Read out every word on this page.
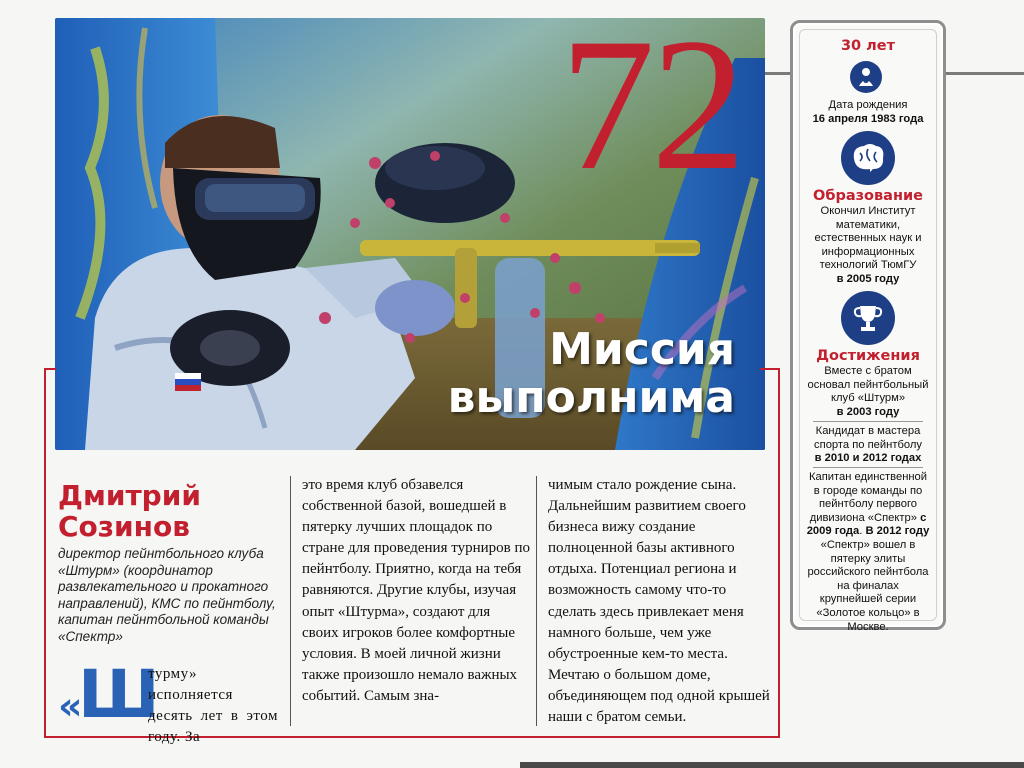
72
Миссия
выполнима
Дмитрий
Созинов
директор пейнтбольного клуба «Штурм» (координатор развлекательного и прокатного направлений), КМС по пейнтболу, капитан пейнтбольной команды «Спектр»
«
Ш
турму» исполняется десять лет в этом году. За

это время клуб обзавелся собственной базой, вошедшей в пятерку лучших площадок по стране для проведения турниров по пейнтболу. Приятно, когда на тебя равняются. Другие клубы, изучая опыт «Штурма», создают для своих игроков более комфортные условия. В моей личной жизни также произошло немало важных событий. Самым зна-

чимым стало рождение сына. Дальнейшим развитием своего бизнеса вижу создание полноценной базы активного отдыха. Потенциал региона и возможность самому что-то сделать здесь привлекает меня намного больше, чем уже обустроенные кем-то места. Мечтаю о большом доме, объединяющем под одной крышей наши с братом семьи.

30 лет
Дата рождения
16 апреля 1983 года
Образование
Окончил Институт математики, естественных наук и информационных технологий ТюмГУ
в 2005 году
Достижения
Вместе с братом основал пейнтбольный клуб «Штурм»
в 2003 году
Кандидат в мастера спорта по пейнтболу
в 2010 и 2012 годах
Капитан единственной в городе команды по пейнтболу первого дивизиона «Спектр» с 2009 года. В 2012 году «Спектр» вошел в пятерку элиты российского пейнтбола на финалах крупнейшей серии «Золотое кольцо» в Москве.
